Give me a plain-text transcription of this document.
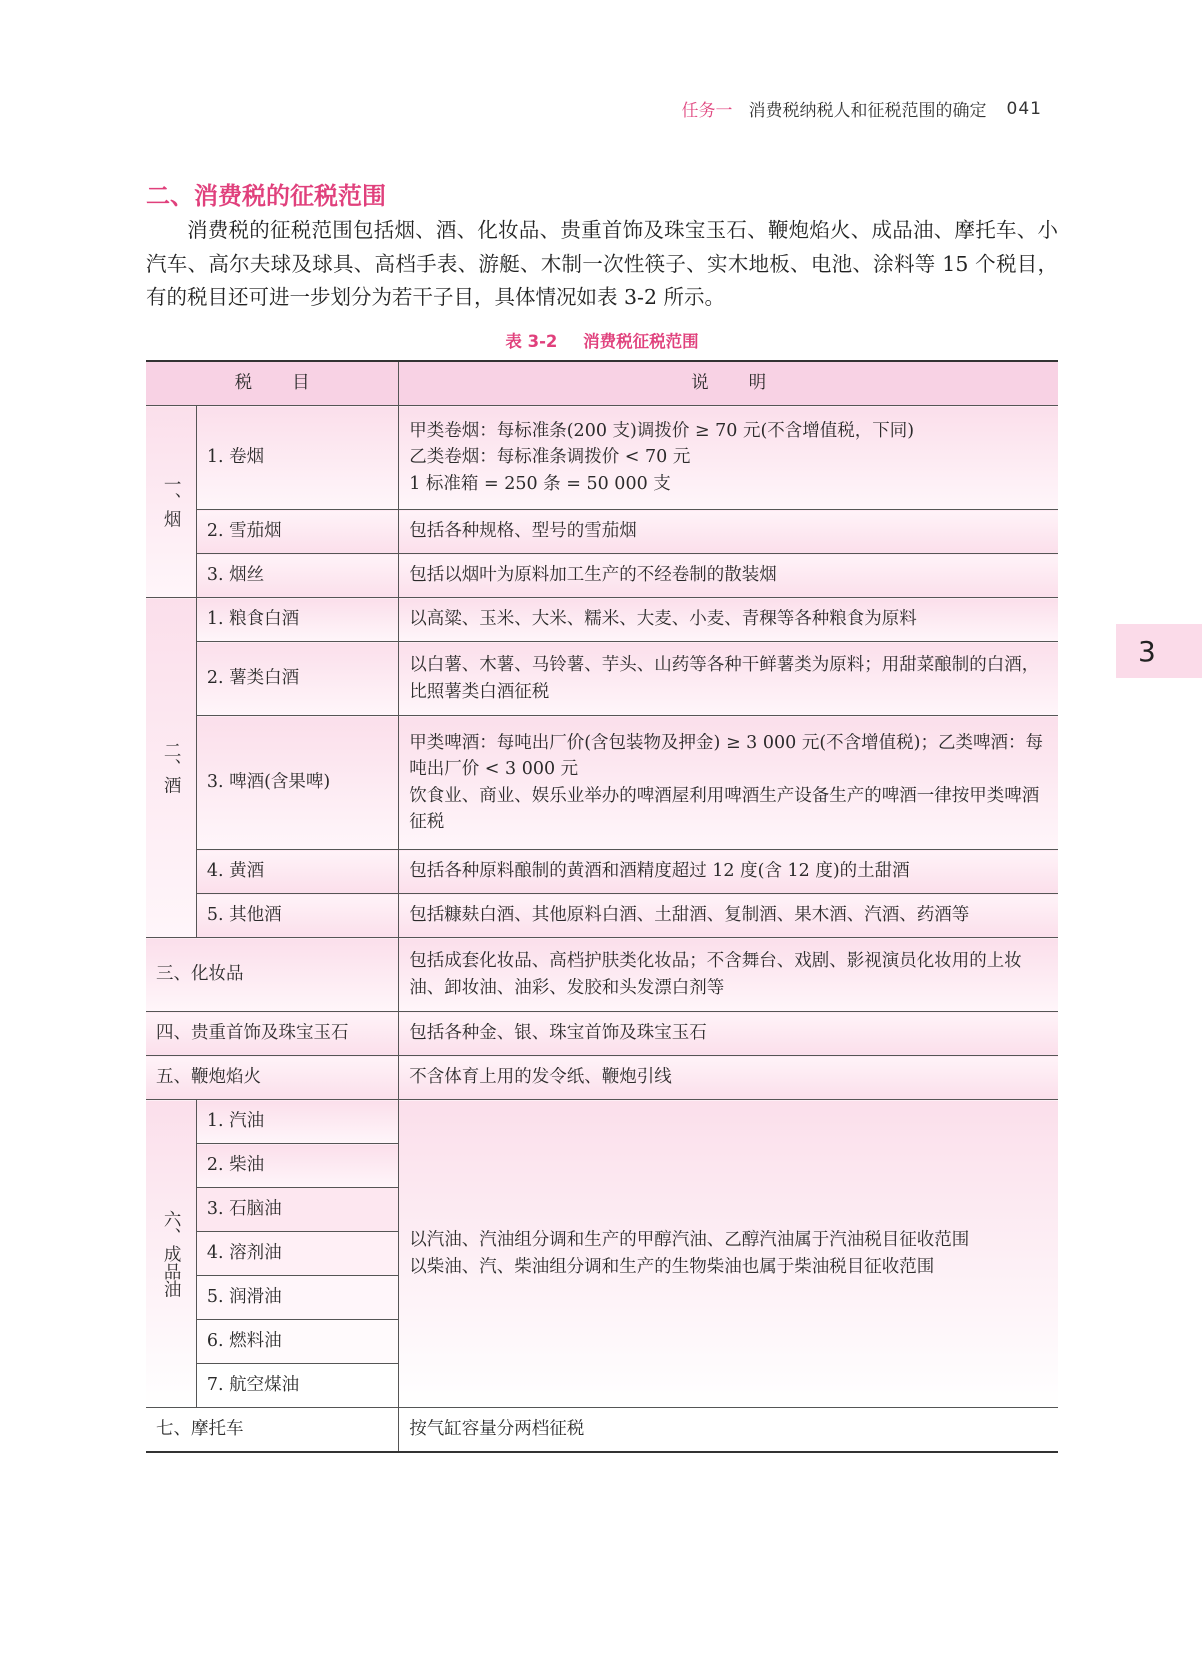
任务一 消费税纳税人和征税范围的确定 041
3
二、消费税的征税范围

消费税的征税范围包括烟、酒、化妆品、贵重首饰及珠宝玉石、鞭炮焰火、成品油、摩托车、小汽车、高尔夫球及球具、高档手表、游艇、木制一次性筷子、实木地板、电池、涂料等 15 个税目，有的税目还可进一步划分为若干子目，具体情况如表 3-2 所示。

表 3-2 消费税征税范围
税目		说明
一、烟	1. 卷烟	甲类卷烟：每标准条(200 支)调拨价 ≥ 70 元(不含增值税，下同)
乙类卷烟：每标准条调拨价 < 70 元
1 标准箱 = 250 条 = 50 000 支

	2. 雪茄烟	包括各种规格、型号的雪茄烟

	3. 烟丝	包括以烟叶为原料加工生产的不经卷制的散装烟

二、酒	1. 粮食白酒	以高粱、玉米、大米、糯米、大麦、小麦、青稞等各种粮食为原料

	2. 薯类白酒	以白薯、木薯、马铃薯、芋头、山药等各种干鲜薯类为原料；用甜菜酿制的白酒，比照薯类白酒征税

	3. 啤酒(含果啤)	甲类啤酒：每吨出厂价(含包装物及押金) ≥ 3 000 元(不含增值税)；乙类啤酒：每吨出厂价 < 3 000 元
饮食业、商业、娱乐业举办的啤酒屋利用啤酒生产设备生产的啤酒一律按甲类啤酒征税

	4. 黄酒	包括各种原料酿制的黄酒和酒精度超过 12 度(含 12 度)的土甜酒

	5. 其他酒	包括糠麸白酒、其他原料白酒、土甜酒、复制酒、果木酒、汽酒、药酒等

三、化妆品		包括成套化妆品、高档护肤类化妆品；不含舞台、戏剧、影视演员化妆用的上妆油、卸妆油、油彩、发胶和头发漂白剂等
四、贵重首饰及珠宝玉石		包括各种金、银、珠宝首饰及珠宝玉石
五、鞭炮焰火		不含体育上用的发令纸、鞭炮引线
六、成品油	1. 汽油	以汽油、汽油组分调和生产的甲醇汽油、乙醇汽油属于汽油税目征收范围
以柴油、汽、柴油组分调和生产的生物柴油也属于柴油税目征收范围

	2. 柴油	
	3. 石脑油	
	4. 溶剂油	
	5. 润滑油	
	6. 燃料油	
	7. 航空煤油	
七、摩托车		按气缸容量分两档征税
